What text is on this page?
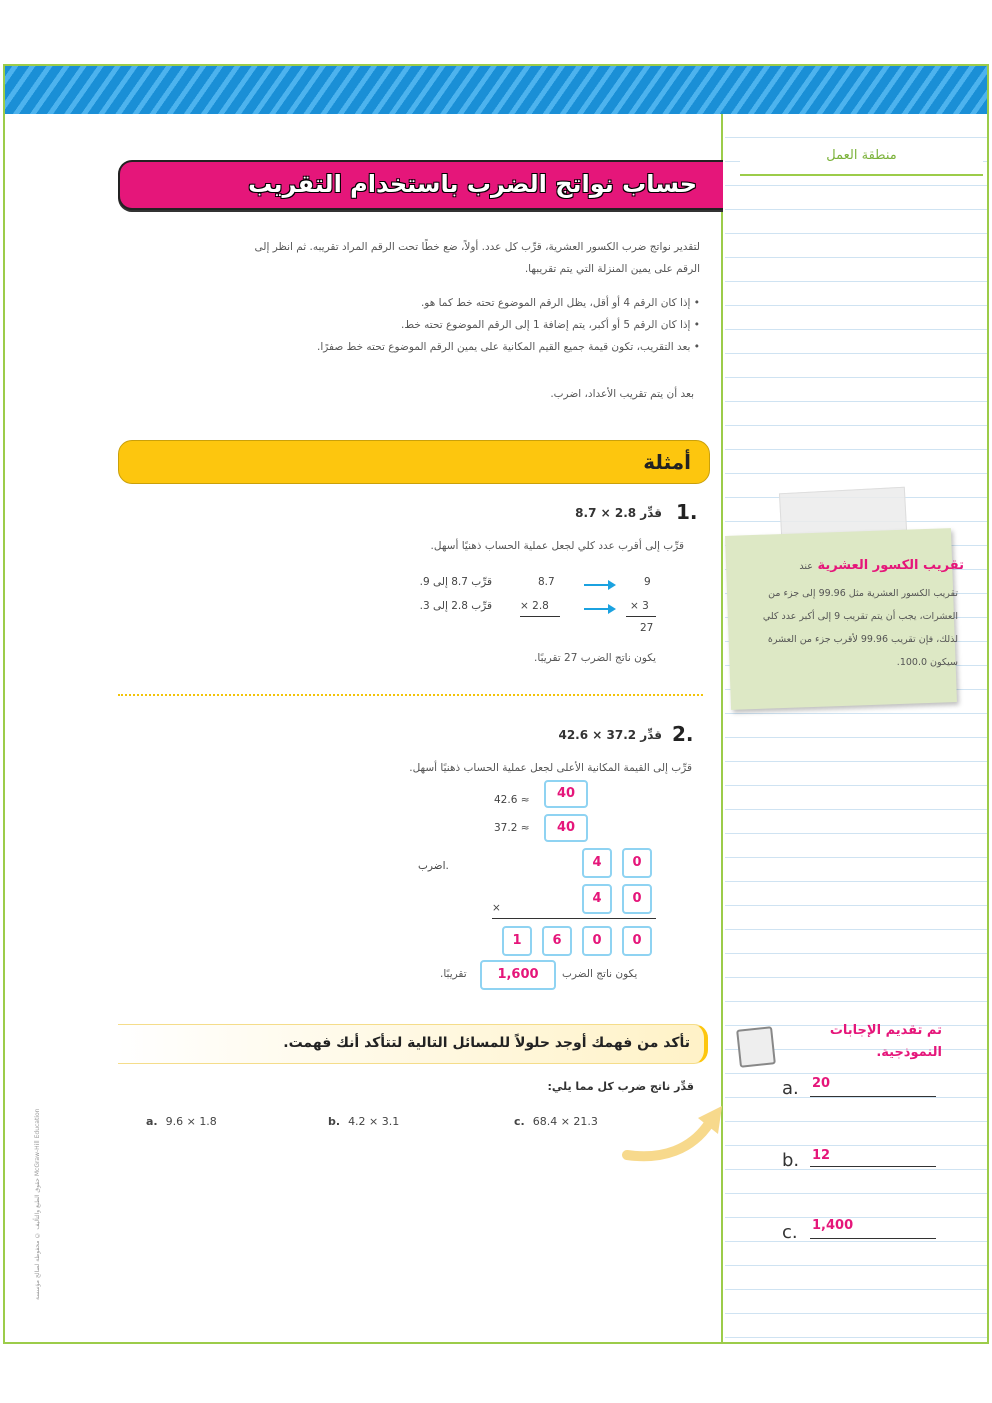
منطقة العمل
حساب نواتج الضرب باستخدام التقريب
لتقدير نواتج ضرب الكسور العشرية، قرِّب كل عدد. أولاً، ضع خطًا تحت الرقم المراد تقريبه. ثم انظر إلى
الرقم على يمين المنزلة التي يتم تقريبها.
• إذا كان الرقم 4 أو أقل، يظل الرقم الموضوع تحته خط كما هو.
• إذا كان الرقم 5 أو أكبر، يتم إضافة 1 إلى الرقم الموضوع تحته خط.
• بعد التقريب، تكون قيمة جميع القيم المكانية على يمين الرقم الموضوع تحته خط صفرًا.
بعد أن يتم تقريب الأعداد، اضرب.
أمثلة
1.
قدِّر 2.8 × 8.7
قرِّب إلى أقرب عدد كلي لجعل عملية الحساب ذهنيًا أسهل.
قرِّب 8.7 إلى 9.	8.7	9
قرِّب 2.8 إلى 3.	× 2.8	× 3
27
يكون ناتج الضرب 27 تقريبًا.
2.
قدِّر 37.2 × 42.6
قرِّب إلى القيمة المكانية الأعلى لجعل عملية الحساب ذهنيًا أسهل.
42.6 ≈	40
37.2 ≈	40
اضرب.	4	0
4	0
×
1	6	0	0
يكون ناتج الضرب
1,600
تقريبًا.
تقريب الكسور العشرية عند
تقريب الكسور العشرية مثل 99.96 إلى جزء من العشرات، يجب أن يتم تقريب 9 إلى أكبر عدد كلي لذلك، فإن تقريب 99.96 لأقرب جزء من العشرة سيكون 100.0.
تأكد من فهمك أوجد حلولاً للمسائل التالية لتتأكد أنك فهمت.
قدِّر ناتج ضرب كل مما يلي:
a. 9.6 × 1.8	b. 4.2 × 3.1	c. 68.4 × 21.3
تم تقديم الإجابات النموذجية.
a. 20
b. 12
c. 1,400
حقوق الطبع والتأليف © محفوظة لصالح مؤسسة McGraw-Hill Education
